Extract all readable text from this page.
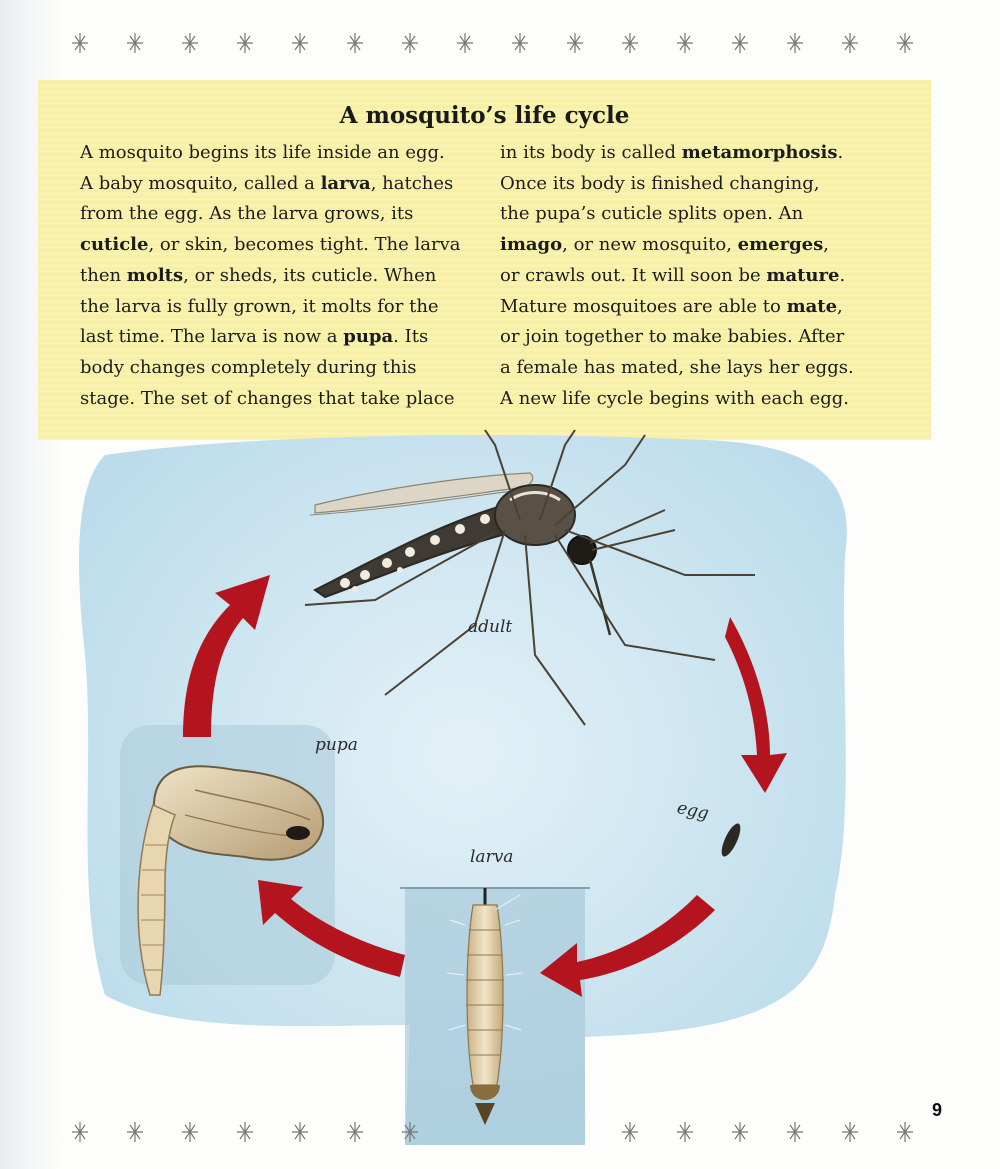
A mosquito’s life cycle
A mosquito begins its life inside an egg.
A baby mosquito, called a larva, hatches
from the egg. As the larva grows, its
cuticle, or skin, becomes tight. The larva
then molts, or sheds, its cuticle. When
the larva is fully grown, it molts for the
last time. The larva is now a pupa. Its
body changes completely during this
stage. The set of changes that take place
in its body is called metamorphosis.
Once its body is finished changing,
the pupa’s cuticle splits open. An
imago, or new mosquito, emerges,
or crawls out. It will soon be mature.
Mature mosquitoes are able to mate,
or join together to make babies. After
a female has mated, she lays her eggs.
A new life cycle begins with each egg.
adult
pupa
egg
larva
9
